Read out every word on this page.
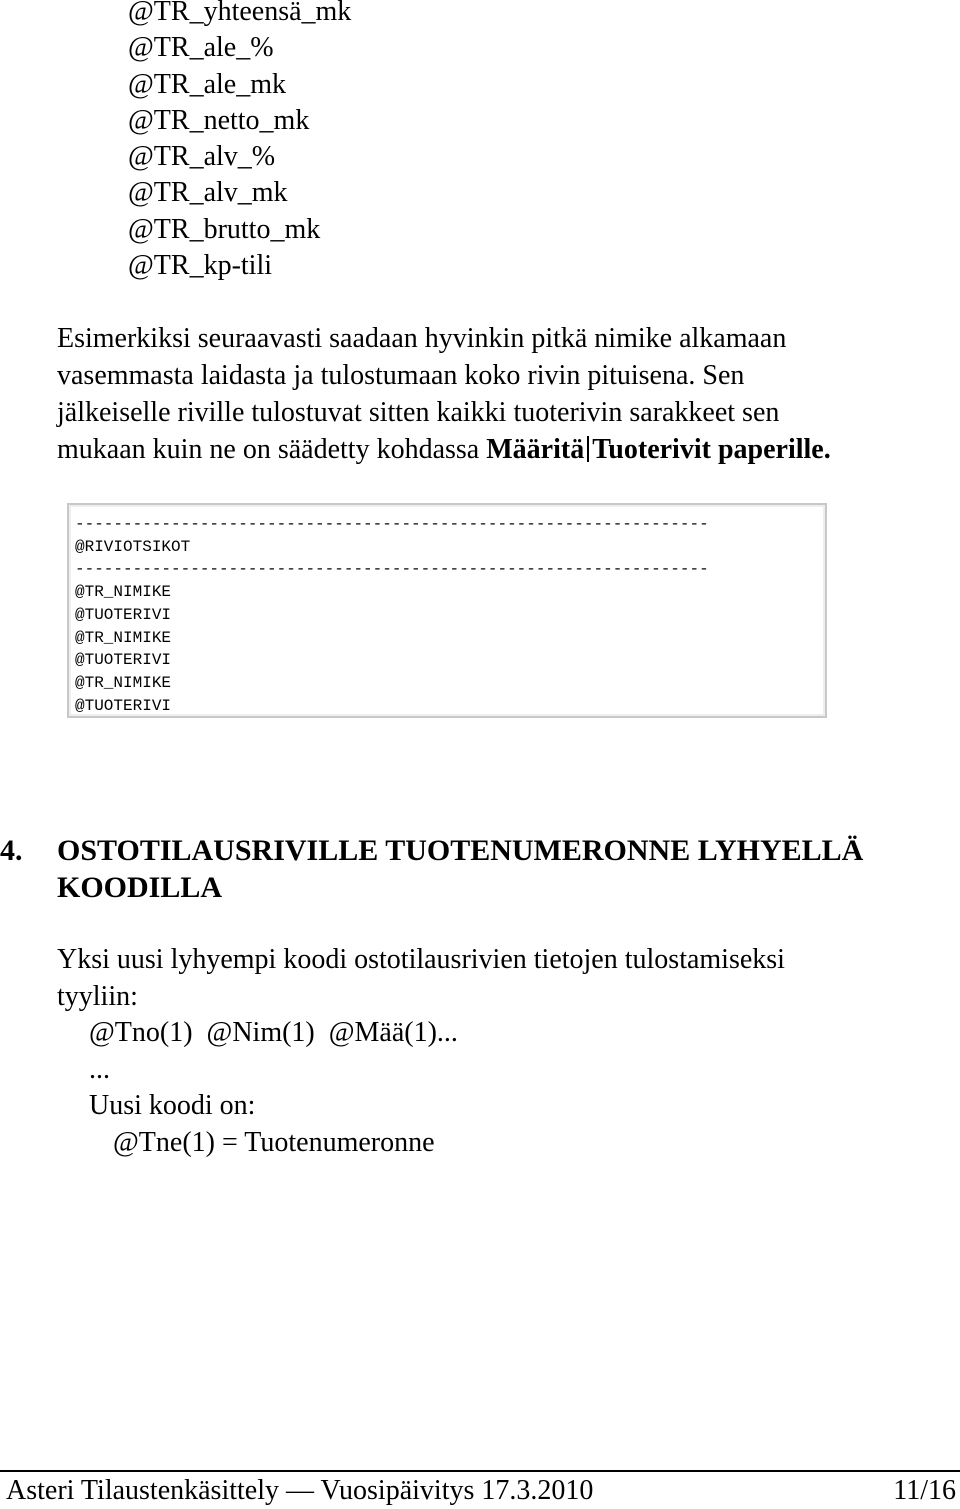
@TR_yhteensä_mk
@TR_ale_%
@TR_ale_mk
@TR_netto_mk
@TR_alv_%
@TR_alv_mk
@TR_brutto_mk
@TR_kp-tili
Esimerkiksi seuraavasti saadaan hyvinkin pitkä nimike alkamaan
vasemmasta laidasta ja tulostumaan koko rivin pituisena. Sen
jälkeiselle riville tulostuvat sitten kaikki tuoterivin sarakkeet sen
mukaan kuin ne on säädetty kohdassa Määritä Tuoterivit paperille.
------------------------------------------------------------------
@RIVIOTSIKOT
------------------------------------------------------------------
@TR_NIMIKE
@TUOTERIVI
@TR_NIMIKE
@TUOTERIVI
@TR_NIMIKE
@TUOTERIVI
4. OSTOTILAUSRIVILLE TUOTENUMERONNE LYHYELLÄ
KOODILLA
Yksi uusi lyhyempi koodi ostotilausrivien tietojen tulostamiseksi
tyyliin:
@Tno(1)  @Nim(1)  @Mää(1)...
...
Uusi koodi on:
@Tne(1) = Tuotenumeronne
Asteri Tilaustenkäsittely — Vuosipäivitys 17.3.2010	11/16
